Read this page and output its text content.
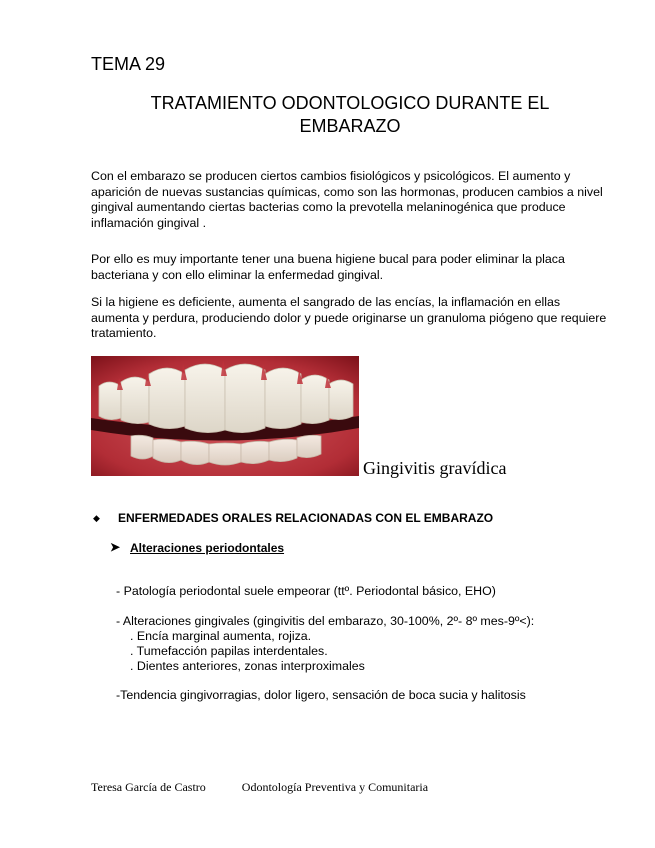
TEMA 29
TRATAMIENTO ODONTOLOGICO DURANTE EL
EMBARAZO
Con el embarazo se producen ciertos cambios fisiológicos y psicológicos. El aumento y aparición de nuevas sustancias químicas, como son las hormonas, producen cambios a nivel gingival aumentando ciertas bacterias como la prevotella melaninogénica que produce inflamación gingival .
Por ello es muy importante tener una buena higiene bucal para poder eliminar la placa bacteriana y con ello eliminar la enfermedad gingival.
Si la higiene es deficiente, aumenta el sangrado de las encías, la inflamación en ellas aumenta y perdura, produciendo dolor y puede originarse un granuloma piógeno que requiere tratamiento.
Gingivitis gravídica
◆ ENFERMEDADES ORALES RELACIONADAS CON EL EMBARAZO
➤ Alteraciones periodontales
- Patología periodontal suele empeorar (ttº. Periodontal básico, EHO)
- Alteraciones gingivales (gingivitis del embarazo, 30-100%, 2º- 8º mes-9º<):
. Encía marginal aumenta, rojiza.
. Tumefacción papilas interdentales.
. Dientes anteriores, zonas interproximales
-Tendencia gingivorragias, dolor ligero, sensación de boca sucia y halitosis
Teresa García de Castro	Odontología Preventiva y Comunitaria
